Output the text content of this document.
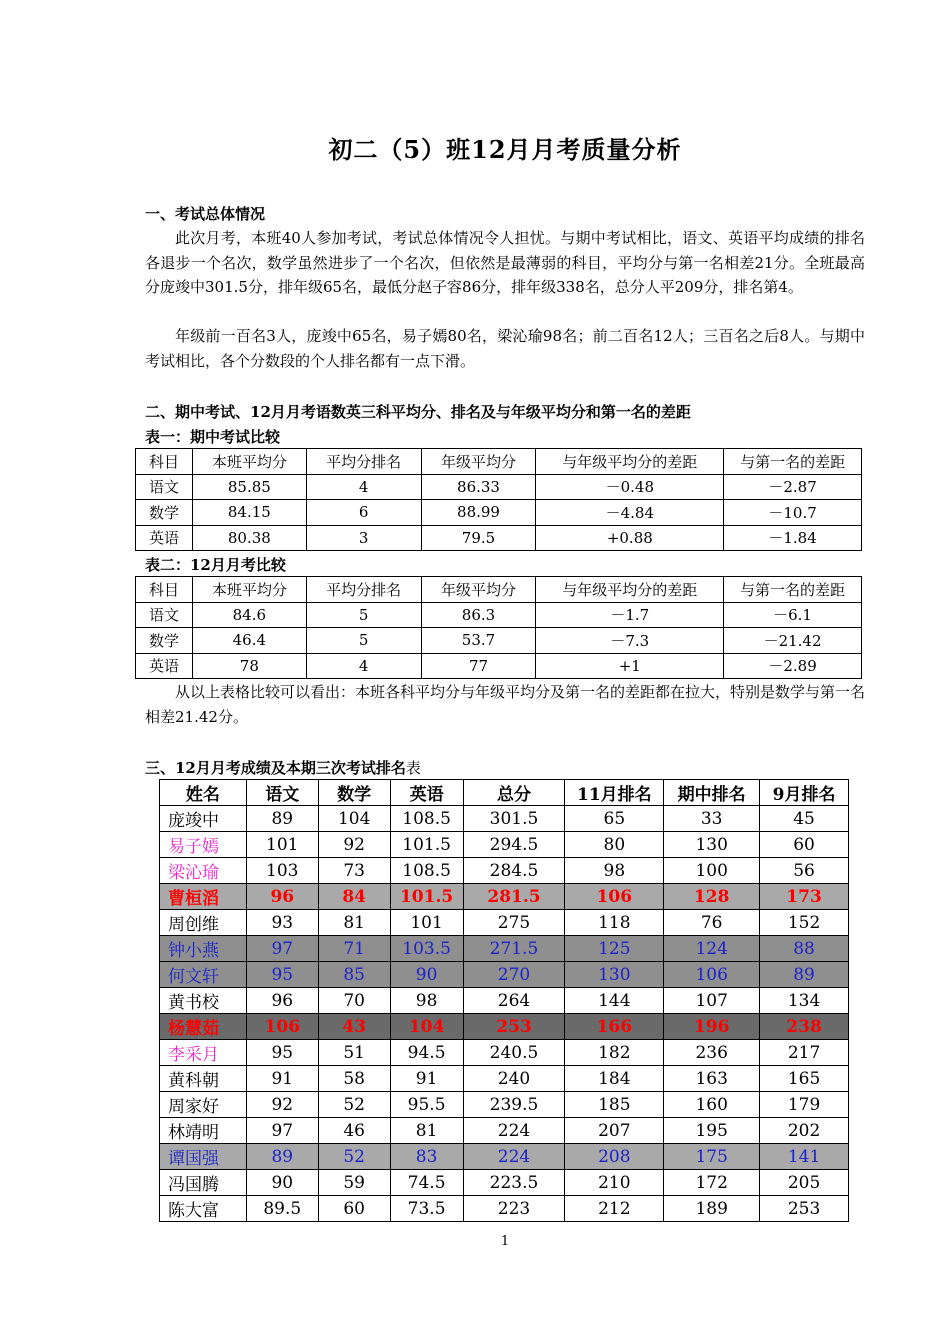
初二（5）班12月月考质量分析
一、考试总体情况
此次月考，本班40人参加考试，考试总体情况令人担忧。与期中考试相比，语文、英语平均成绩的排名各退步一个名次，数学虽然进步了一个名次，但依然是最薄弱的科目，平均分与第一名相差21分。全班最高分庞竣中301.5分，排年级65名，最低分赵子容86分，排年级338名，总分人平209分，排名第4。
年级前一百名3人，庞竣中65名，易子嫣80名，梁沁瑜98名；前二百名12人；三百名之后8人。与期中考试相比，各个分数段的个人排名都有一点下滑。
二、期中考试、12月月考语数英三科平均分、排名及与年级平均分和第一名的差距
表一：期中考试比较
科目	本班平均分	平均分排名	年级平均分	与年级平均分的差距	与第一名的差距
语文	85.85	4	86.33	－0.48	－2.87
数学	84.15	6	88.99	－4.84	－10.7
英语	80.38	3	79.5	+0.88	－1.84
表二：12月月考比较
科目	本班平均分	平均分排名	年级平均分	与年级平均分的差距	与第一名的差距
语文	84.6	5	86.3	－1.7	－6.1
数学	46.4	5	53.7	－7.3	－21.42
英语	78	4	77	+1	－2.89
从以上表格比较可以看出：本班各科平均分与年级平均分及第一名的差距都在拉大，特别是数学与第一名相差21.42分。
三、12月月考成绩及本期三次考试排名表
姓名	语文	数学	英语	总分	11月排名	期中排名	9月排名
庞竣中	89	104	108.5	301.5	65	33	45
易子嫣	101	92	101.5	294.5	80	130	60
梁沁瑜	103	73	108.5	284.5	98	100	56
曹桓滔	96	84	101.5	281.5	106	128	173
周创维	93	81	101	275	118	76	152
钟小燕	97	71	103.5	271.5	125	124	88
何文轩	95	85	90	270	130	106	89
黄书校	96	70	98	264	144	107	134
杨慧茹	106	43	104	253	166	196	238
李采月	95	51	94.5	240.5	182	236	217
黄科朝	91	58	91	240	184	163	165
周家好	92	52	95.5	239.5	185	160	179
林靖明	97	46	81	224	207	195	202
谭国强	89	52	83	224	208	175	141
冯国腾	90	59	74.5	223.5	210	172	205
陈大富	89.5	60	73.5	223	212	189	253
1
